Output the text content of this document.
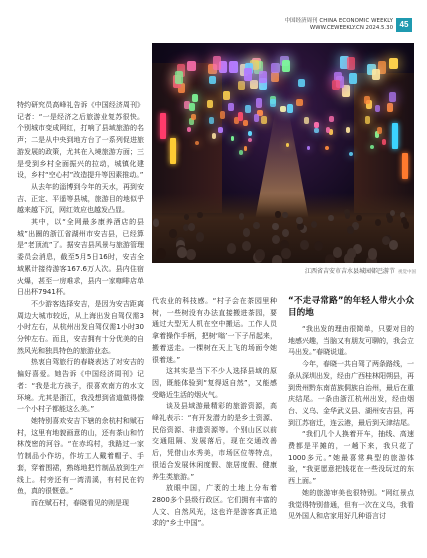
中国经济周刊 CHINA ECONOMIC WEEKLY
WWW.CEWEEKLY.CN 2024.5.30 45
江西省吉安市吉水县城园邨巴游节 视觉中国

特约研究员高峰礼告诉《中国经济周刊》记者：“一是经济之后旅游业复苏很快。个别城市变成网红，打响了县域旅游的名声；二是从中央到地方台了一系列促进旅游发展的政策，尤其在入境旅游方面；三是受到乡村全面振兴的拉动，城镇化建设，乡村“空心村”改造提升等因素推动。”

从去年的淄博到今年的天水，再到安吉、正定、平遥等县城，旅游目的地似乎越来越下沉，网红效应也越发凸显。

其中，以“全网最多康养酒店的县城”出圈的浙江省湖州市安吉县，已经算是“老顶流”了。据安吉县风景与旅游管理委员会消息，截至5月5日16时，安吉全域累计接待游客167.6万人次。县内住宿火爆，甚至一房难求，县内一家咖啡店单日出杯7941杯。

不少游客选择安吉，是因为安吉距离周边大城市较近，从上海出发自驾仅需3小时左右，从杭州出发自驾仅需1小时30分钟左右。而且，安吉拥有十分优美的自然风光和独具特色的旅游业态。

热衷自驾旅行的春晓表达了对安吉的偏好喜爱。她告诉《中国经济周刊》记者：“我是北方孩子，很喜欢南方的水文环境。尤其是浙江，我没想到省道做得像一个小村子都能这么美。”

她特别喜欢安吉下辖的余杭村和赋石村，这里有地貌画意的山，还有茶山和竹林茂密的河谷。“在赤坞村，我路过一家竹制品小作坊，作坊工人戴着帽子、手套，穿着围裙，熟练地把竹制品放到生产线上。村旁还有一湾清溪，有村民在钓鱼，真的很惬意。”

而在赋石村，春晓看见的则是现

代农业的科技感。“村子会在茶园里种树，一些树没有办法直接搬进茶园，要通过大型无人机在空中搬运。工作人员拿着操作手柄，把树‘嗡’一下子吊起来，搬着送走。一棵树在天上飞的场面令她很着迷。”

这其实是当下不少人选择县域的原因，既能体验到“复得返自然”，又能感受略近生活的烟火气。

谈及县域游最精彩的旅游资源，高峰礼表示：“有开发潜力的是乡土资源、民俗资源、非遗资源等。个别山区以前交通阻隔、发展落后，现在交通改善后，凭借山水秀美，市场区位等特点，很适合发展休闲度假、旅居度假、健康养生类旅游。”

放眼中国，广袤的土地上分布着2800多个县级行政区。它们拥有丰富的人文、自然风光，这也许是游客真正追求的“乡土中国”。

“不走寻常路”的年轻人带火小众目的地

“我出发的理由很简单，只要对目的地感兴趣，当脑又有朋友可聊的，我会立马出发。”春晓说道。

今年，春晓一共自驾了两条路线，一条从深圳出发，经由广西桂林阳朔县，再到贵州黔东南苗族侗族自治州，最后在重庆结尾。一条由浙江杭州出发，经由烟台、义乌、金华武义县、湖州安吉县，再到江苏宿迁，连云港，最后到天津结尾。

“我们几个人换着开车，抽线、高速费都是平摊的，一趟下来，我只花了1000多元。”她最喜常典型的旅游体验，“我更愿意把钱花在一些没玩过的东西上面。”

她的旅游审美也很特别。“网红景点我觉得特别普通，但有一次在义乌，我看见外国人和店家用好几种语言讨
